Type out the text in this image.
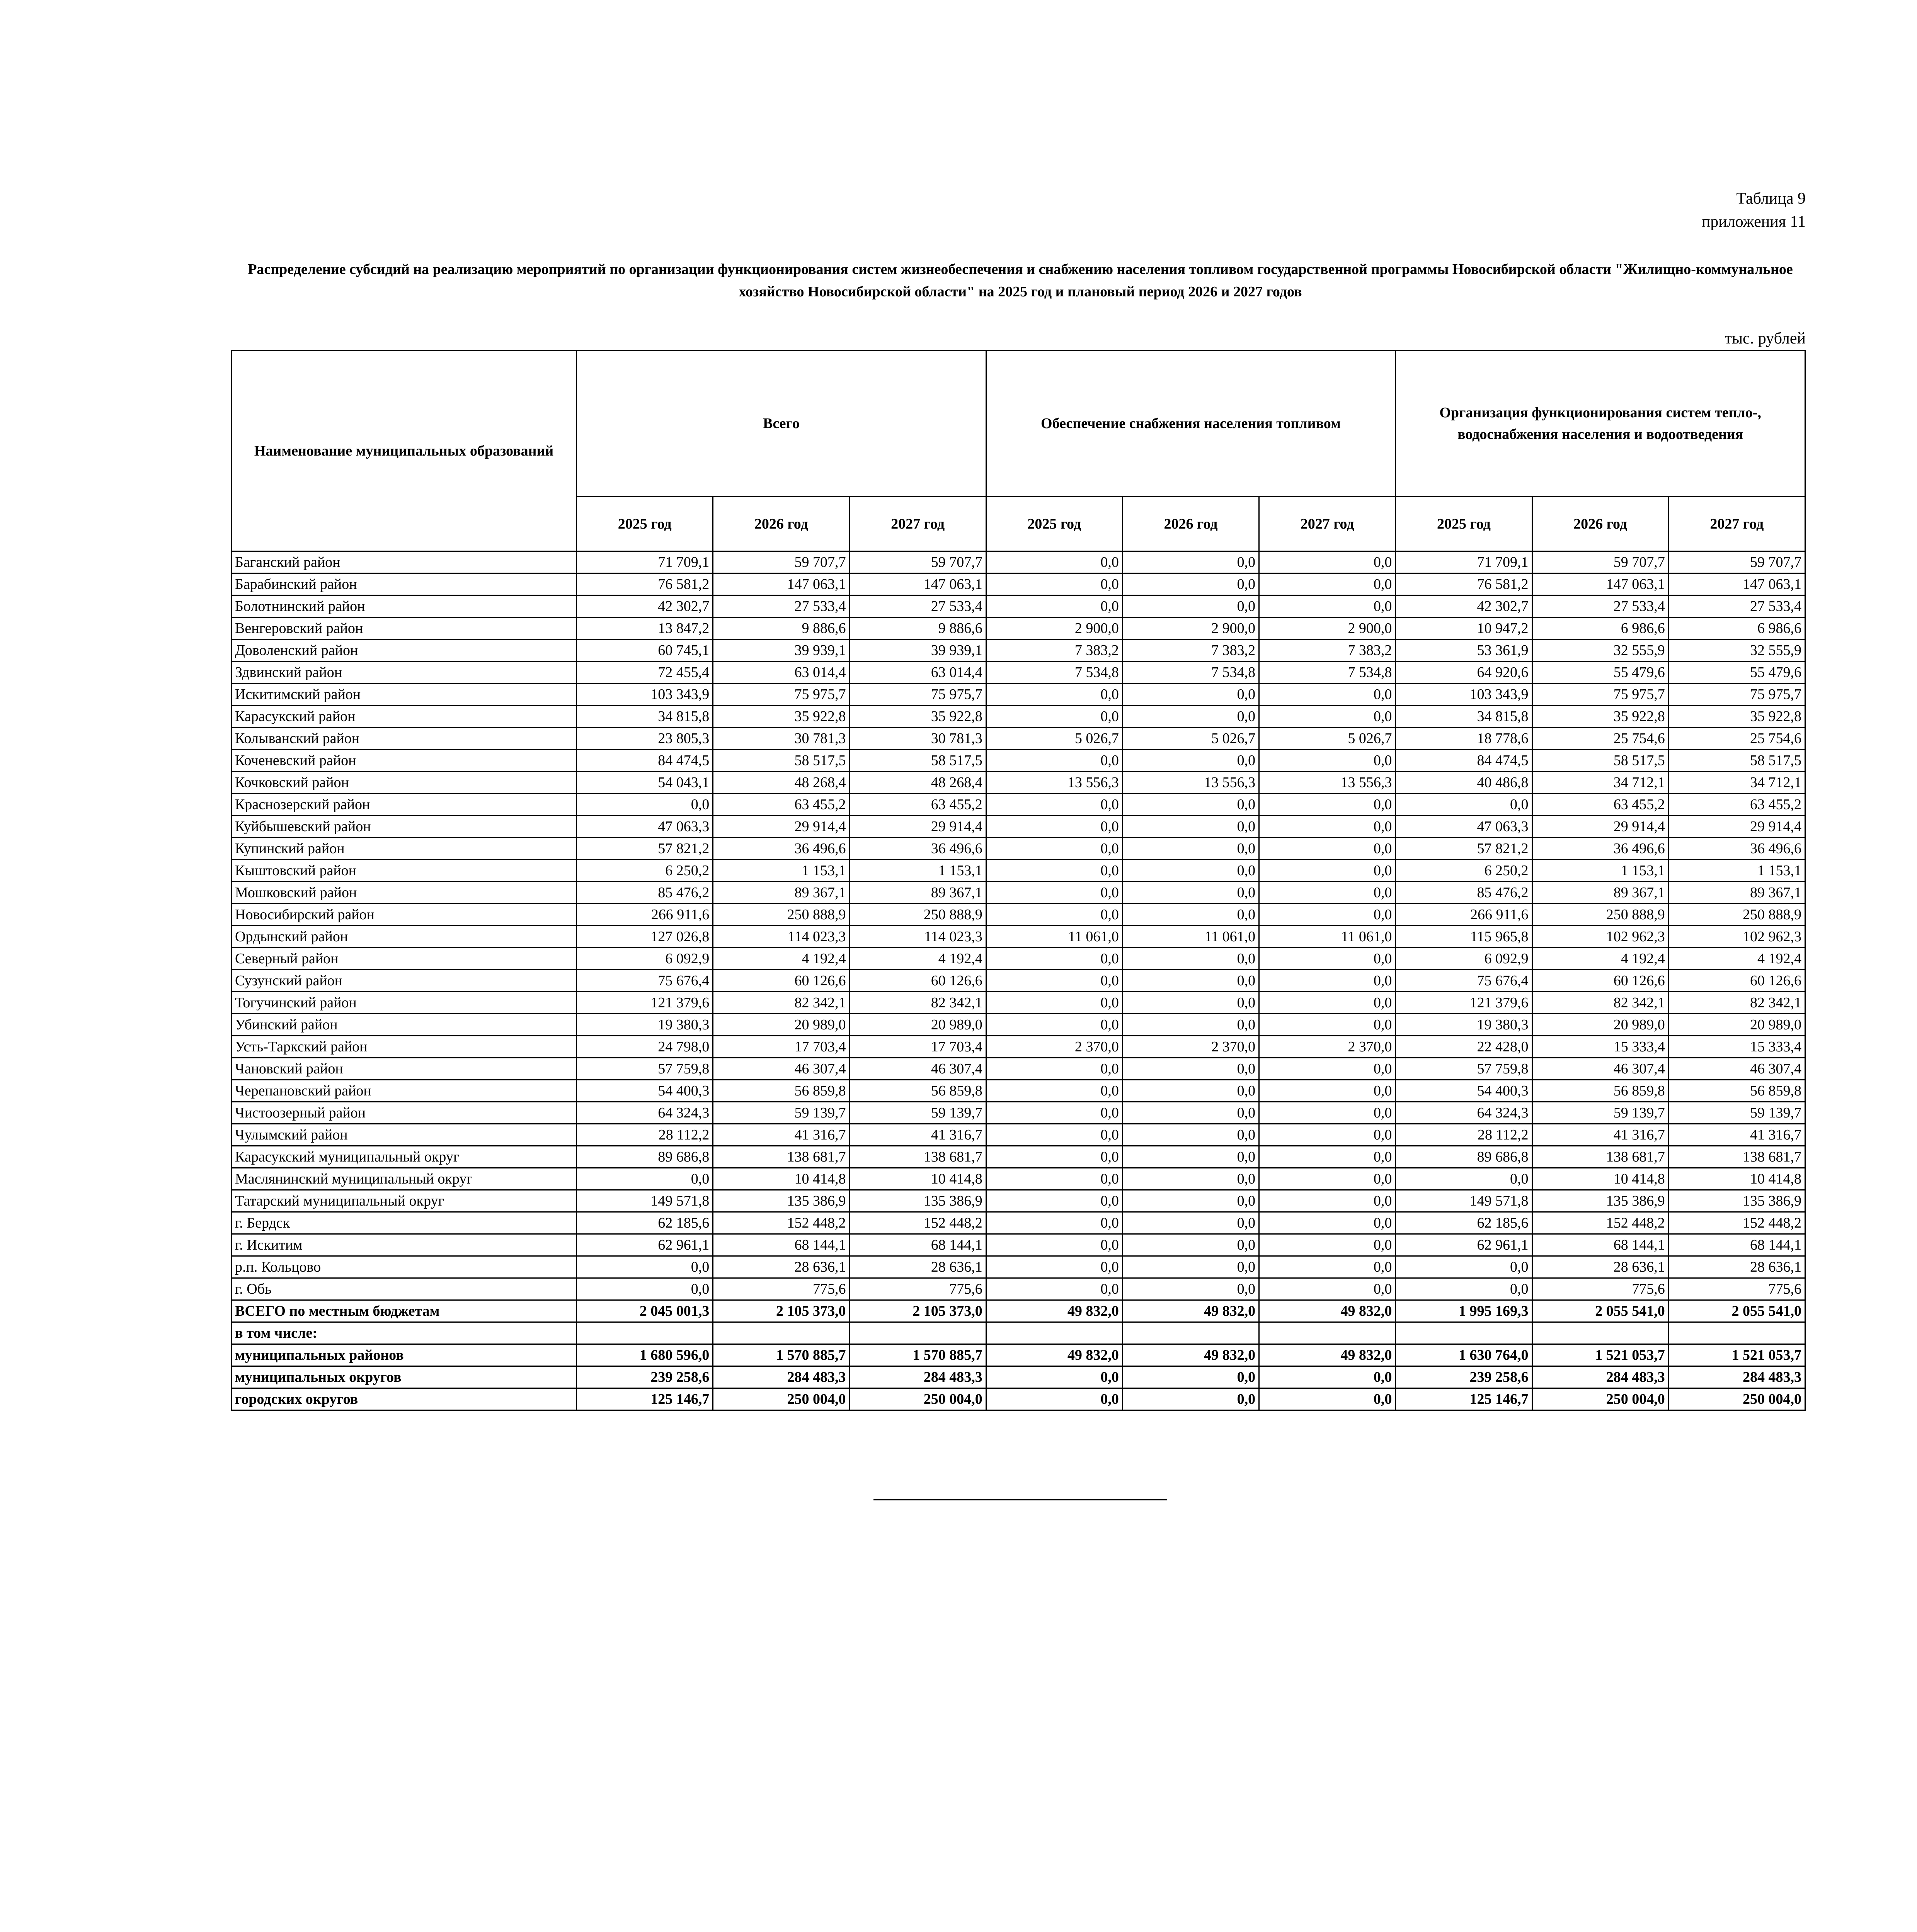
Таблица 9
приложения 11
Распределение субсидий на реализацию мероприятий по организации функционирования систем жизнеобеспечения и снабжению населения топливом государственной программы Новосибирской области "Жилищно-коммунальное хозяйство Новосибирской области" на 2025 год и плановый период 2026 и 2027 годов
тыс. рублей
Наименование муниципальных образований	Всего			Обеспечение снабжения населения топливом			Организация функционирования систем тепло-, водоснабжения населения и водоотведения		
	2025 год	2026 год	2027 год	2025 год	2026 год	2027 год	2025 год	2026 год	2027 год
Баганский район	71 709,1	59 707,7	59 707,7	0,0	0,0	0,0	71 709,1	59 707,7	59 707,7
Барабинский район	76 581,2	147 063,1	147 063,1	0,0	0,0	0,0	76 581,2	147 063,1	147 063,1
Болотнинский район	42 302,7	27 533,4	27 533,4	0,0	0,0	0,0	42 302,7	27 533,4	27 533,4
Венгеровский район	13 847,2	9 886,6	9 886,6	2 900,0	2 900,0	2 900,0	10 947,2	6 986,6	6 986,6
Доволенский район	60 745,1	39 939,1	39 939,1	7 383,2	7 383,2	7 383,2	53 361,9	32 555,9	32 555,9
Здвинский район	72 455,4	63 014,4	63 014,4	7 534,8	7 534,8	7 534,8	64 920,6	55 479,6	55 479,6
Искитимский район	103 343,9	75 975,7	75 975,7	0,0	0,0	0,0	103 343,9	75 975,7	75 975,7
Карасукский район	34 815,8	35 922,8	35 922,8	0,0	0,0	0,0	34 815,8	35 922,8	35 922,8
Колыванский район	23 805,3	30 781,3	30 781,3	5 026,7	5 026,7	5 026,7	18 778,6	25 754,6	25 754,6
Коченевский район	84 474,5	58 517,5	58 517,5	0,0	0,0	0,0	84 474,5	58 517,5	58 517,5
Кочковский район	54 043,1	48 268,4	48 268,4	13 556,3	13 556,3	13 556,3	40 486,8	34 712,1	34 712,1
Краснозерский район	0,0	63 455,2	63 455,2	0,0	0,0	0,0	0,0	63 455,2	63 455,2
Куйбышевский район	47 063,3	29 914,4	29 914,4	0,0	0,0	0,0	47 063,3	29 914,4	29 914,4
Купинский район	57 821,2	36 496,6	36 496,6	0,0	0,0	0,0	57 821,2	36 496,6	36 496,6
Кыштовский район	6 250,2	1 153,1	1 153,1	0,0	0,0	0,0	6 250,2	1 153,1	1 153,1
Мошковский район	85 476,2	89 367,1	89 367,1	0,0	0,0	0,0	85 476,2	89 367,1	89 367,1
Новосибирский район	266 911,6	250 888,9	250 888,9	0,0	0,0	0,0	266 911,6	250 888,9	250 888,9
Ордынский район	127 026,8	114 023,3	114 023,3	11 061,0	11 061,0	11 061,0	115 965,8	102 962,3	102 962,3
Северный район	6 092,9	4 192,4	4 192,4	0,0	0,0	0,0	6 092,9	4 192,4	4 192,4
Сузунский район	75 676,4	60 126,6	60 126,6	0,0	0,0	0,0	75 676,4	60 126,6	60 126,6
Тогучинский район	121 379,6	82 342,1	82 342,1	0,0	0,0	0,0	121 379,6	82 342,1	82 342,1
Убинский район	19 380,3	20 989,0	20 989,0	0,0	0,0	0,0	19 380,3	20 989,0	20 989,0
Усть-Таркский район	24 798,0	17 703,4	17 703,4	2 370,0	2 370,0	2 370,0	22 428,0	15 333,4	15 333,4
Чановский район	57 759,8	46 307,4	46 307,4	0,0	0,0	0,0	57 759,8	46 307,4	46 307,4
Черепановский район	54 400,3	56 859,8	56 859,8	0,0	0,0	0,0	54 400,3	56 859,8	56 859,8
Чистоозерный район	64 324,3	59 139,7	59 139,7	0,0	0,0	0,0	64 324,3	59 139,7	59 139,7
Чулымский район	28 112,2	41 316,7	41 316,7	0,0	0,0	0,0	28 112,2	41 316,7	41 316,7
Карасукский муниципальный округ	89 686,8	138 681,7	138 681,7	0,0	0,0	0,0	89 686,8	138 681,7	138 681,7
Маслянинский муниципальный округ	0,0	10 414,8	10 414,8	0,0	0,0	0,0	0,0	10 414,8	10 414,8
Татарский муниципальный округ	149 571,8	135 386,9	135 386,9	0,0	0,0	0,0	149 571,8	135 386,9	135 386,9
г. Бердск	62 185,6	152 448,2	152 448,2	0,0	0,0	0,0	62 185,6	152 448,2	152 448,2
г. Искитим	62 961,1	68 144,1	68 144,1	0,0	0,0	0,0	62 961,1	68 144,1	68 144,1
р.п. Кольцово	0,0	28 636,1	28 636,1	0,0	0,0	0,0	0,0	28 636,1	28 636,1
г. Обь	0,0	775,6	775,6	0,0	0,0	0,0	0,0	775,6	775,6
ВСЕГО по местным бюджетам	2 045 001,3	2 105 373,0	2 105 373,0	49 832,0	49 832,0	49 832,0	1 995 169,3	2 055 541,0	2 055 541,0
в том числе:									
муниципальных районов	1 680 596,0	1 570 885,7	1 570 885,7	49 832,0	49 832,0	49 832,0	1 630 764,0	1 521 053,7	1 521 053,7
муниципальных округов	239 258,6	284 483,3	284 483,3	0,0	0,0	0,0	239 258,6	284 483,3	284 483,3
городских округов	125 146,7	250 004,0	250 004,0	0,0	0,0	0,0	125 146,7	250 004,0	250 004,0
